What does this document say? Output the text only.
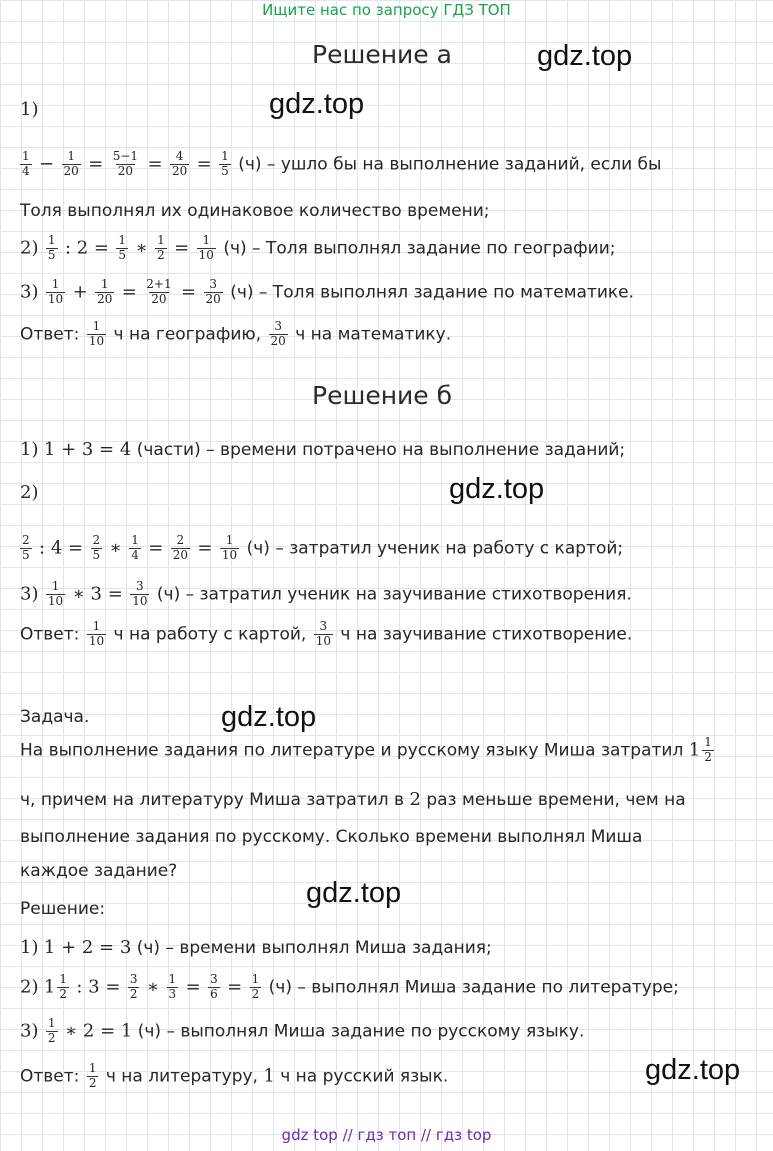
Ищите нас по запросу ГДЗ ТОП
gdz top // гдз топ // гдз top
gdz.top
gdz.top
gdz.top
gdz.top
gdz.top
gdz.top
Решение а
1)
$\frac{1}{4} - \frac{1}{20} = \frac{5-1}{20} = \frac{4}{20} = \frac{1}{5} (ч)$ – ушло бы на выполнение заданий, если бы
Толя выполнял их одинаковое количество времени;
$2) \frac{1}{5}$ : $2 = \frac{1}{5}$ ∗ $\frac{1}{2} = \frac{1}{10} (ч)$ – Толя выполнял задание по географии;
$3) \frac{1}{10} + \frac{1}{20} = \frac{2+1}{20} = \frac{3}{20} (ч)$ – Толя выполнял задание по математике.
Ответ: $\frac{1}{10}$ ч на географию, $\frac{3}{20}$ ч на математику.
Решение б
1) 1 + 3 = 4 (части) – времени потрачено на выполнение заданий;
2)
$\frac{2}{5}$ : $4 = \frac{2}{5}$ ∗ $\frac{1}{4} = \frac{2}{20} = \frac{1}{10} (ч)$ – затратил ученик на работу с картой;
$3) \frac{1}{10}$ ∗ $3 = \frac{3}{10} (ч)$ – затратил ученик на заучивание стихотворения.
Ответ: $\frac{1}{10}$ ч на работу с картой, $\frac{3}{10}$ ч на заучивание стихотворение.
Задача.
На выполнение задания по литературе и русскому языку Миша затратил $1 \frac{1}{2}$
ч, причем на литературу Миша затратил в 2 раз меньше времени, чем на
выполнение задания по русскому. Сколько времени выполнял Миша
каждое задание?
Решение:
1) 1 + 2 = 3 (ч) – времени выполнял Миша задания;
2) $1 \frac{1}{2}$ : $3 = \frac{3}{2}$ ∗ $\frac{1}{3} = \frac{3}{6} = \frac{1}{2} (ч)$ – выполнял Миша задание по литературе;
$3) \frac{1}{2}$ ∗ 2 = 1 (ч) – выполнял Миша задание по русскому языку.
Ответ: $\frac{1}{2}$ ч на литературу, 1 ч на русский язык.
